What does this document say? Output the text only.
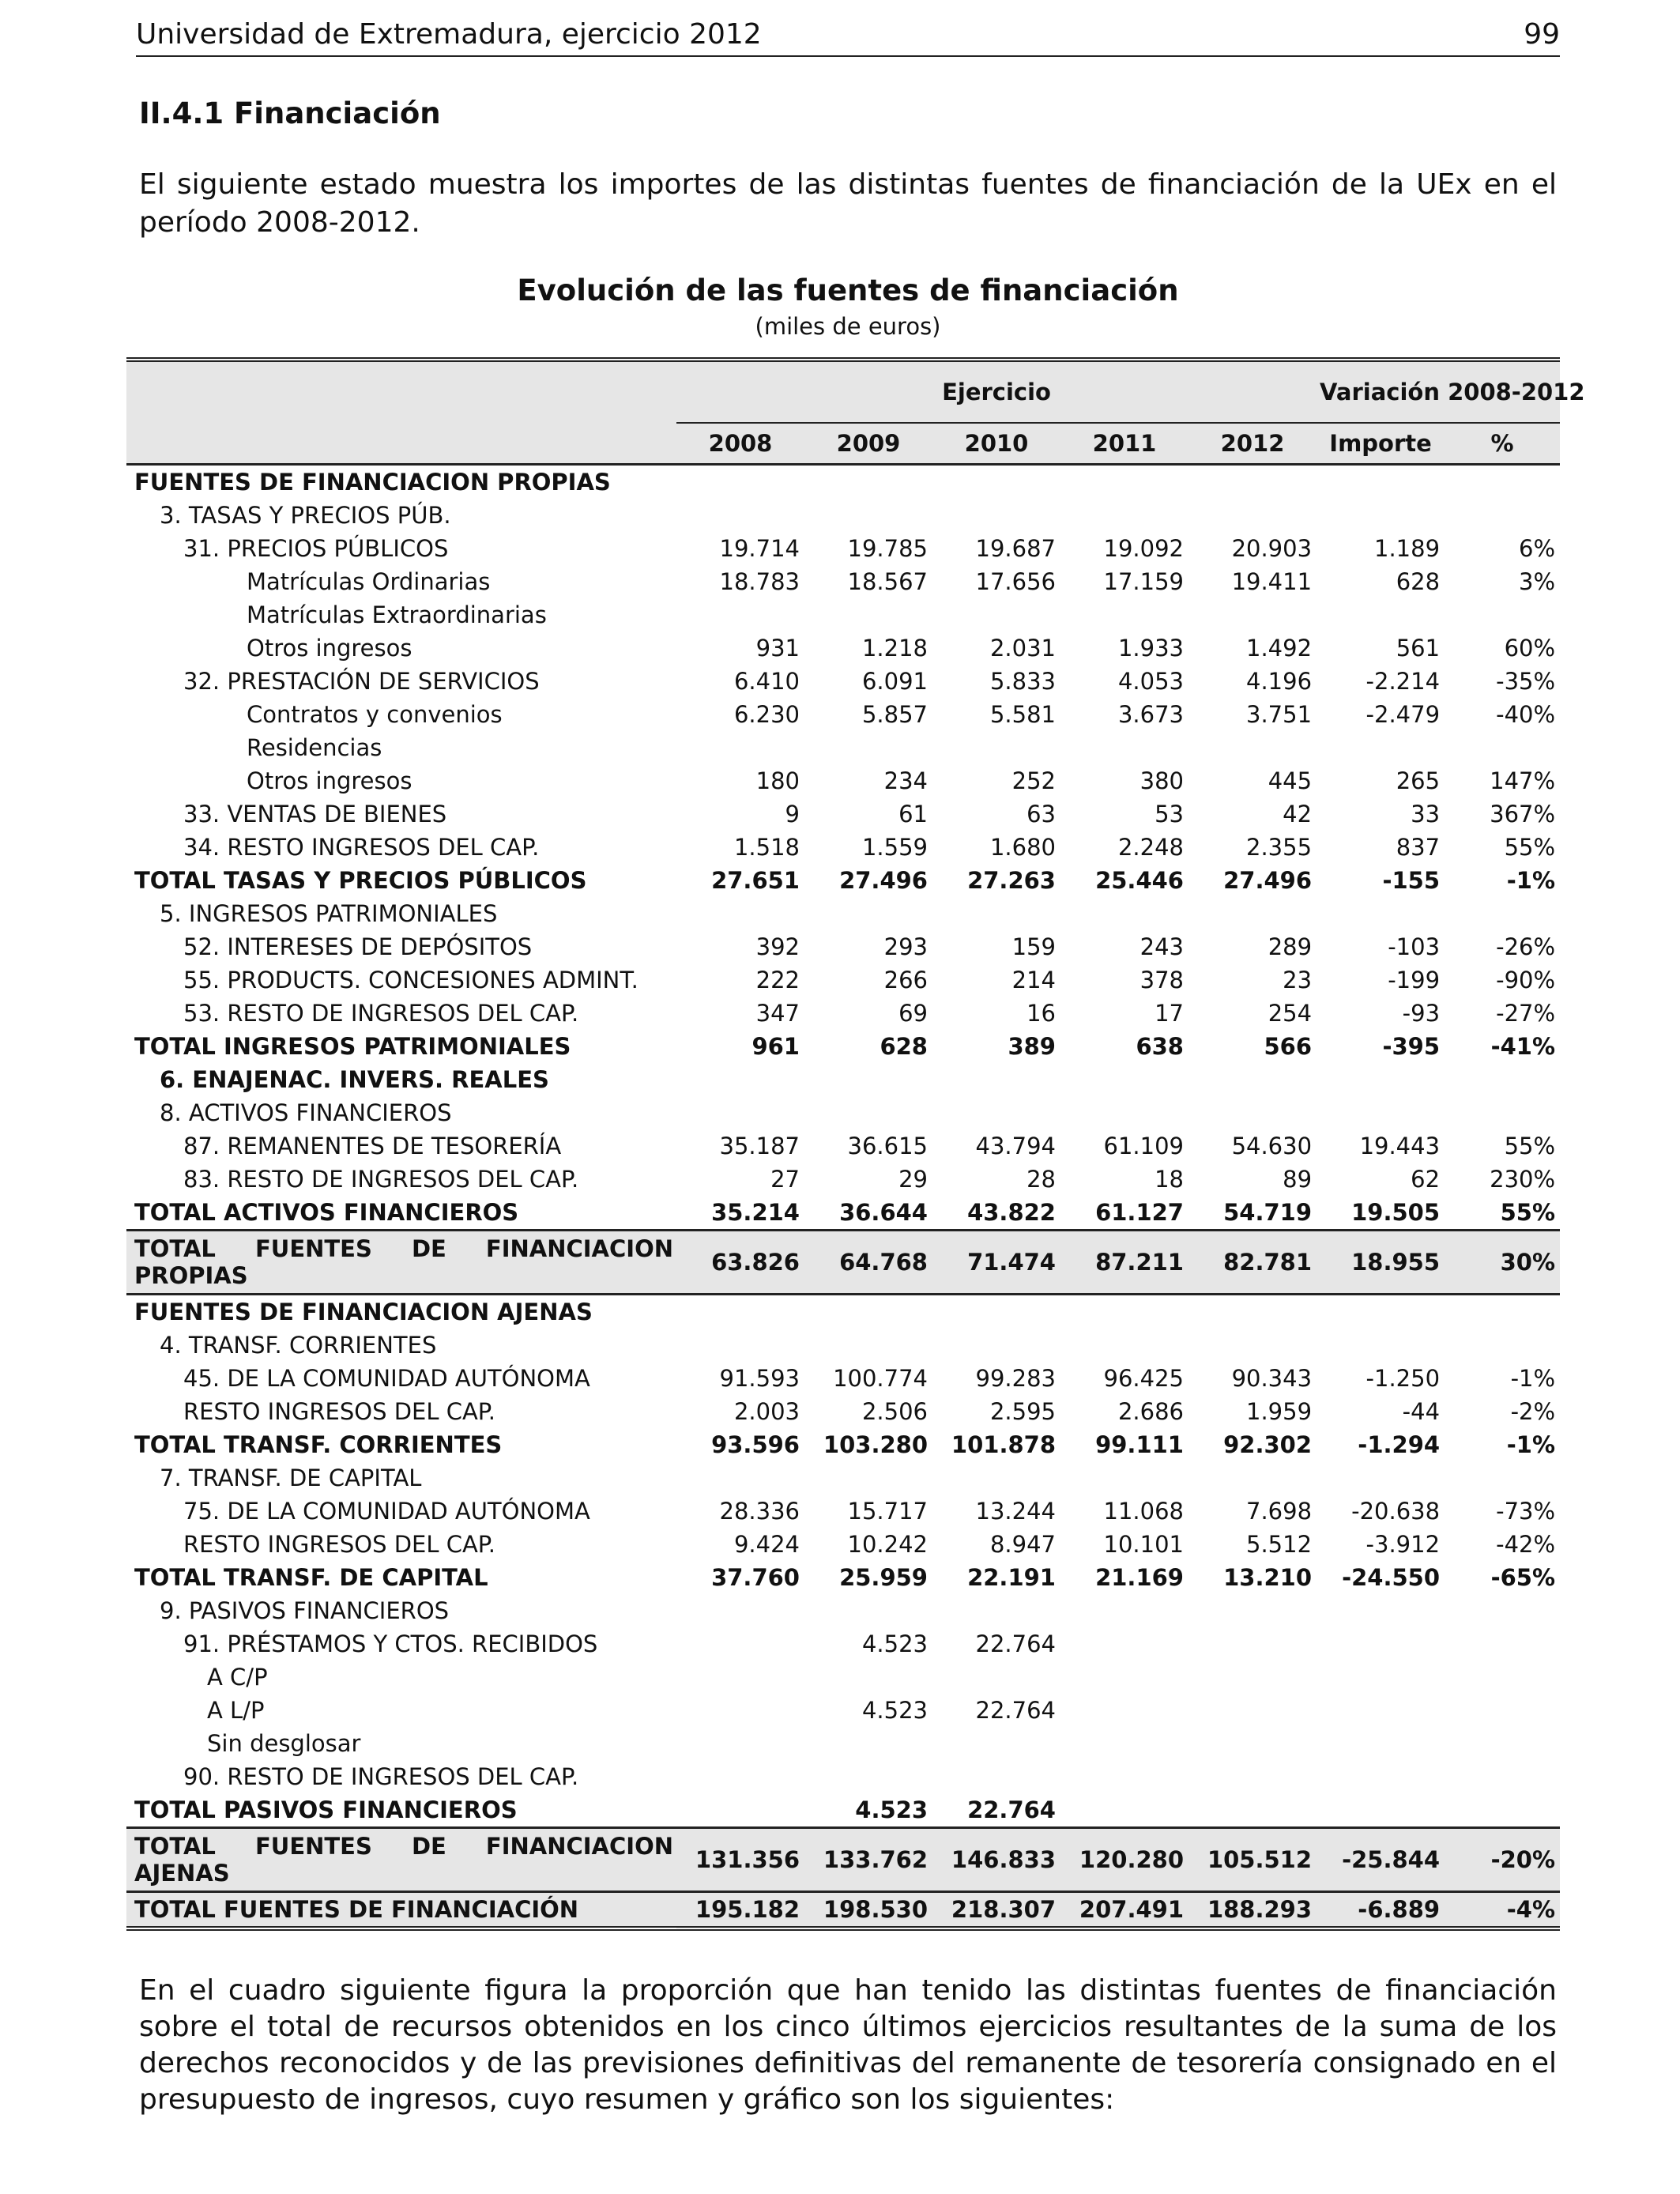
Universidad de Extremadura, ejercicio 2012	99
II.4.1 Financiación
El siguiente estado muestra los importes de las distintas fuentes de financiación de la UEx en el período 2008-2012.
Evolución de las fuentes de financiación
(miles de euros)
	Ejercicio					Variación 2008-2012	
	2008	2009	2010	2011	2012	Importe	%
FUENTES DE FINANCIACION PROPIAS							
3. TASAS Y PRECIOS PÚB.							
31. PRECIOS PÚBLICOS	19.714	19.785	19.687	19.092	20.903	1.189	6%
Matrículas Ordinarias	18.783	18.567	17.656	17.159	19.411	628	3%
Matrículas Extraordinarias							
Otros ingresos	931	1.218	2.031	1.933	1.492	561	60%
32. PRESTACIÓN DE SERVICIOS	6.410	6.091	5.833	4.053	4.196	-2.214	-35%
Contratos y convenios	6.230	5.857	5.581	3.673	3.751	-2.479	-40%
Residencias							
Otros ingresos	180	234	252	380	445	265	147%
33. VENTAS DE BIENES	9	61	63	53	42	33	367%
34. RESTO INGRESOS DEL CAP.	1.518	1.559	1.680	2.248	2.355	837	55%
TOTAL TASAS Y PRECIOS PÚBLICOS	27.651	27.496	27.263	25.446	27.496	-155	-1%
5. INGRESOS PATRIMONIALES							
52. INTERESES DE DEPÓSITOS	392	293	159	243	289	-103	-26%
55. PRODUCTS. CONCESIONES ADMINT.	222	266	214	378	23	-199	-90%
53. RESTO DE INGRESOS DEL CAP.	347	69	16	17	254	-93	-27%
TOTAL INGRESOS PATRIMONIALES	961	628	389	638	566	-395	-41%
6. ENAJENAC. INVERS. REALES							
8. ACTIVOS FINANCIEROS							
87. REMANENTES DE TESORERÍA	35.187	36.615	43.794	61.109	54.630	19.443	55%
83. RESTO DE INGRESOS DEL CAP.	27	29	28	18	89	62	230%
TOTAL ACTIVOS FINANCIEROS	35.214	36.644	43.822	61.127	54.719	19.505	55%
TOTAL FUENTES DE FINANCIACION PROPIAS	63.826	64.768	71.474	87.211	82.781	18.955	30%
FUENTES DE FINANCIACION AJENAS							
4. TRANSF. CORRIENTES							
45. DE LA COMUNIDAD AUTÓNOMA	91.593	100.774	99.283	96.425	90.343	-1.250	-1%
RESTO INGRESOS DEL CAP.	2.003	2.506	2.595	2.686	1.959	-44	-2%
TOTAL TRANSF. CORRIENTES	93.596	103.280	101.878	99.111	92.302	-1.294	-1%
7. TRANSF. DE CAPITAL							
75. DE LA COMUNIDAD AUTÓNOMA	28.336	15.717	13.244	11.068	7.698	-20.638	-73%
RESTO INGRESOS DEL CAP.	9.424	10.242	8.947	10.101	5.512	-3.912	-42%
TOTAL TRANSF. DE CAPITAL	37.760	25.959	22.191	21.169	13.210	-24.550	-65%
9. PASIVOS FINANCIEROS							
91. PRÉSTAMOS Y CTOS. RECIBIDOS		4.523	22.764				
A C/P							
A L/P		4.523	22.764				
Sin desglosar							
90. RESTO DE INGRESOS DEL CAP.							
TOTAL PASIVOS FINANCIEROS		4.523	22.764				
TOTAL FUENTES DE FINANCIACION AJENAS	131.356	133.762	146.833	120.280	105.512	-25.844	-20%
TOTAL FUENTES DE FINANCIACIÓN	195.182	198.530	218.307	207.491	188.293	-6.889	-4%
En el cuadro siguiente figura la proporción que han tenido las distintas fuentes de financiación sobre el total de recursos obtenidos en los cinco últimos ejercicios resultantes de la suma de los derechos reconocidos y de las previsiones definitivas del remanente de tesorería consignado en el presupuesto de ingresos, cuyo resumen y gráfico son los siguientes:
